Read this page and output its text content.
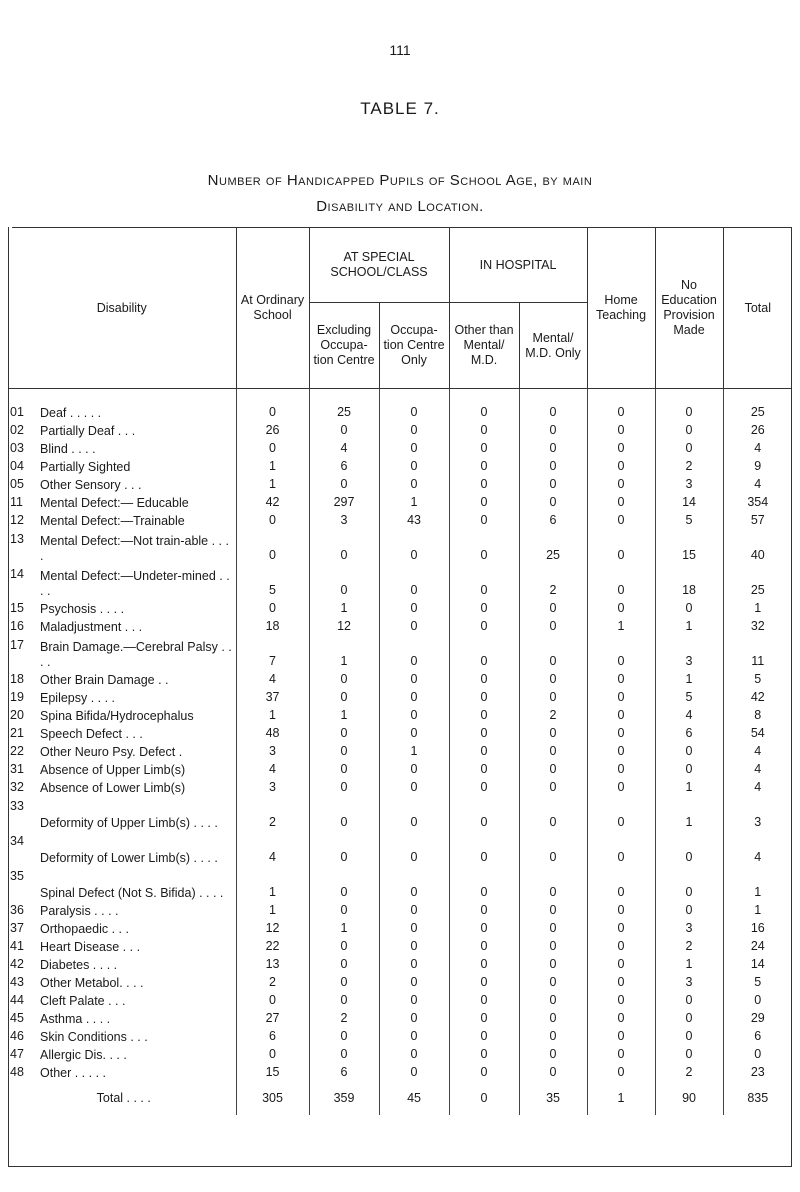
111
TABLE 7.
Number of Handicapped Pupils of School Age, by main
Disability and Location.
Disability		At Ordinary School	AT SPECIAL SCHOOL/CLASS		IN HOSPITAL		Home Teaching	No Education Provision Made	Total
			Excluding Occupa-tion Centre	Occupa-tion Centre Only	Other than Mental/ M.D.	Mental/ M.D. Only			
01	Deaf . . . . .	0	25	0	0	0	0	0	25
02	Partially Deaf . . .	26	0	0	0	0	0	0	26
03	Blind . . . .	0	4	0	0	0	0	0	4
04	Partially Sighted	1	6	0	0	0	0	2	9
05	Other Sensory . . .	1	0	0	0	0	0	3	4
11	Mental Defect:— Educable	42	297	1	0	0	0	14	354
12	Mental Defect:—Trainable	0	3	43	0	6	0	5	57
13	Mental Defect:—Not train-able . . . .	0	0	0	0	25	0	15	40
14	Mental Defect:—Undeter-mined . . . .	5	0	0	0	2	0	18	25
15	Psychosis . . . .	0	1	0	0	0	0	0	1
16	Maladjustment . . .	18	12	0	0	0	1	1	32
17	Brain Damage.—Cerebral Palsy . . . .	7	1	0	0	0	0	3	11
18	Other Brain Damage . .	4	0	0	0	0	0	1	5
19	Epilepsy . . . .	37	0	0	0	0	0	5	42
20	Spina Bifida/Hydrocephalus	1	1	0	0	2	0	4	8
21	Speech Defect . . .	48	0	0	0	0	0	6	54
22	Other Neuro Psy. Defect .	3	0	1	0	0	0	0	4
31	Absence of Upper Limb(s)	4	0	0	0	0	0	0	4
32	Absence of Lower Limb(s)	3	0	0	0	0	0	1	4
33	Deformity of Upper Limb(s) . . . .	2	0	0	0	0	0	1	3
34	Deformity of Lower Limb(s) . . . .	4	0	0	0	0	0	0	4
35	Spinal Defect (Not S. Bifida) . . . .	1	0	0	0	0	0	0	1
36	Paralysis . . . .	1	0	0	0	0	0	0	1
37	Orthopaedic . . .	12	1	0	0	0	0	3	16
41	Heart Disease . . .	22	0	0	0	0	0	2	24
42	Diabetes . . . .	13	0	0	0	0	0	1	14
43	Other Metabol. . . .	2	0	0	0	0	0	3	5
44	Cleft Palate . . .	0	0	0	0	0	0	0	0
45	Asthma . . . .	27	2	0	0	0	0	0	29
46	Skin Conditions . . .	6	0	0	0	0	0	0	6
47	Allergic Dis. . . .	0	0	0	0	0	0	0	0
48	Other . . . . .	15	6	0	0	0	0	2	23
Total . . . .		305	359	45	0	35	1	90	835
